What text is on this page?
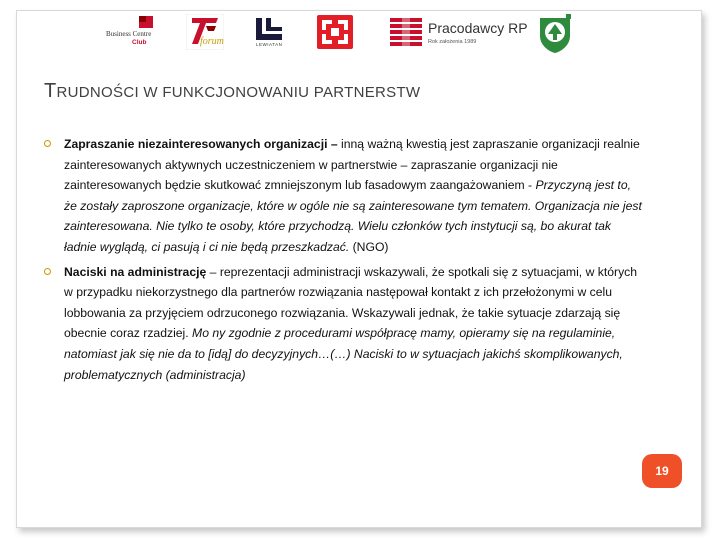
Business Centre
Club	forum	LEWIATAN
Pracodawcy RP
Rok założenia 1989
TRUDNOŚCI W FUNKCJONOWANIU PARTNERSTW

Zapraszanie niezainteresowanych organizacji – inną ważną kwestią jest zapraszanie organizacji realnie zainteresowanych aktywnych uczestniczeniem w partnerstwie – zapraszanie organizacji nie zainteresowanych będzie skutkować zmniejszonym lub fasadowym zaangażowaniem - Przyczyną jest to, że zostały zaproszone organizacje, które w ogóle nie są zainteresowane tym tematem. Organizacja nie jest zainteresowana. Nie tylko te osoby, które przychodzą. Wielu członków tych instytucji są, bo akurat tak ładnie wyglądą, ci pasują i ci nie będą przeszkadzać. (NGO)

Naciski na administrację – reprezentacji administracji wskazywali, że spotkali się z sytuacjami, w których w przypadku niekorzystnego dla partnerów rozwiązania następował kontakt z ich przełożonymi w celu lobbowania za przyjęciem odrzuconego rozwiązania. Wskazywali jednak, że takie sytuacje zdarzają się obecnie coraz rzadziej. Mo ny zgodnie z procedurami współpracę mamy, opieramy się na regulaminie, natomiast jak się nie da to [idą] do decyzyjnych…(…) Naciski to w sytuacjach jakichś skomplikowanych, problematycznych (administracja)

19
